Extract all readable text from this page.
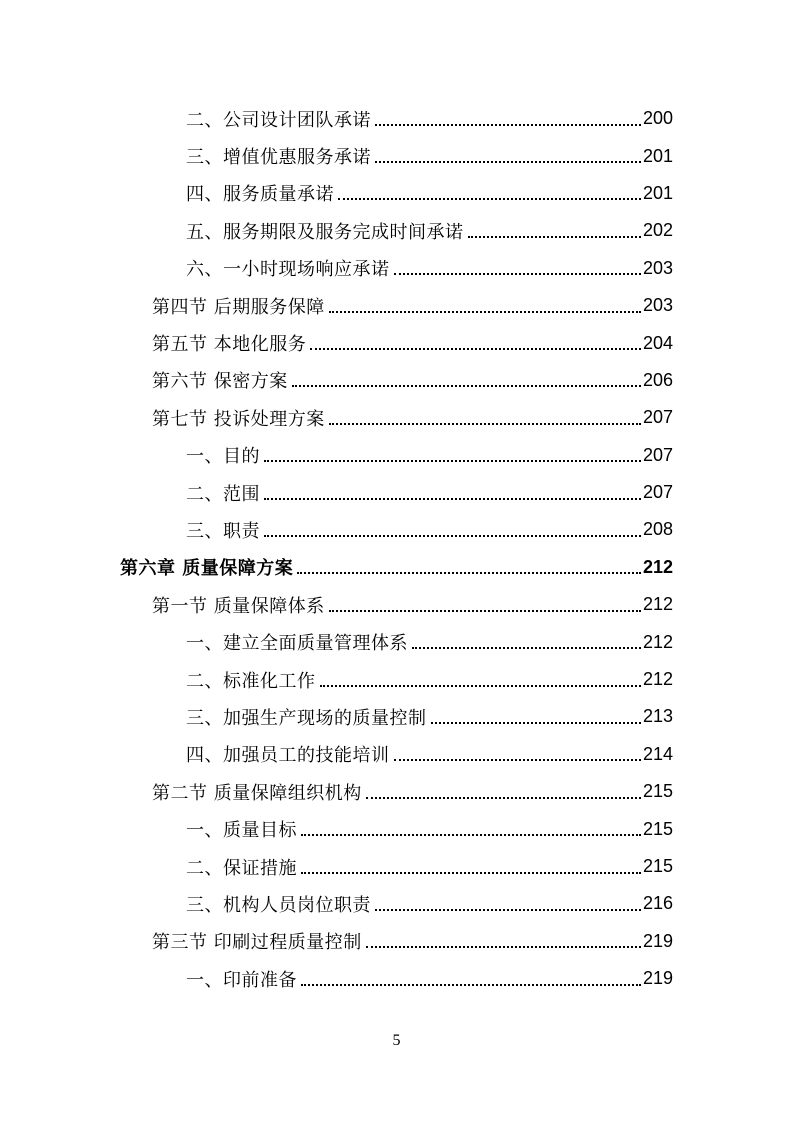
二、公司设计团队承诺	200
三、增值优惠服务承诺	201
四、服务质量承诺	201
五、服务期限及服务完成时间承诺	202
六、一小时现场响应承诺	203
第四节 后期服务保障	203
第五节 本地化服务	204
第六节 保密方案	206
第七节 投诉处理方案	207
一、目的	207
二、范围	207
三、职责	208
第六章 质量保障方案	212
第一节 质量保障体系	212
一、建立全面质量管理体系	212
二、标准化工作	212
三、加强生产现场的质量控制	213
四、加强员工的技能培训	214
第二节 质量保障组织机构	215
一、质量目标	215
二、保证措施	215
三、机构人员岗位职责	216
第三节 印刷过程质量控制	219
一、印前准备	219
5
